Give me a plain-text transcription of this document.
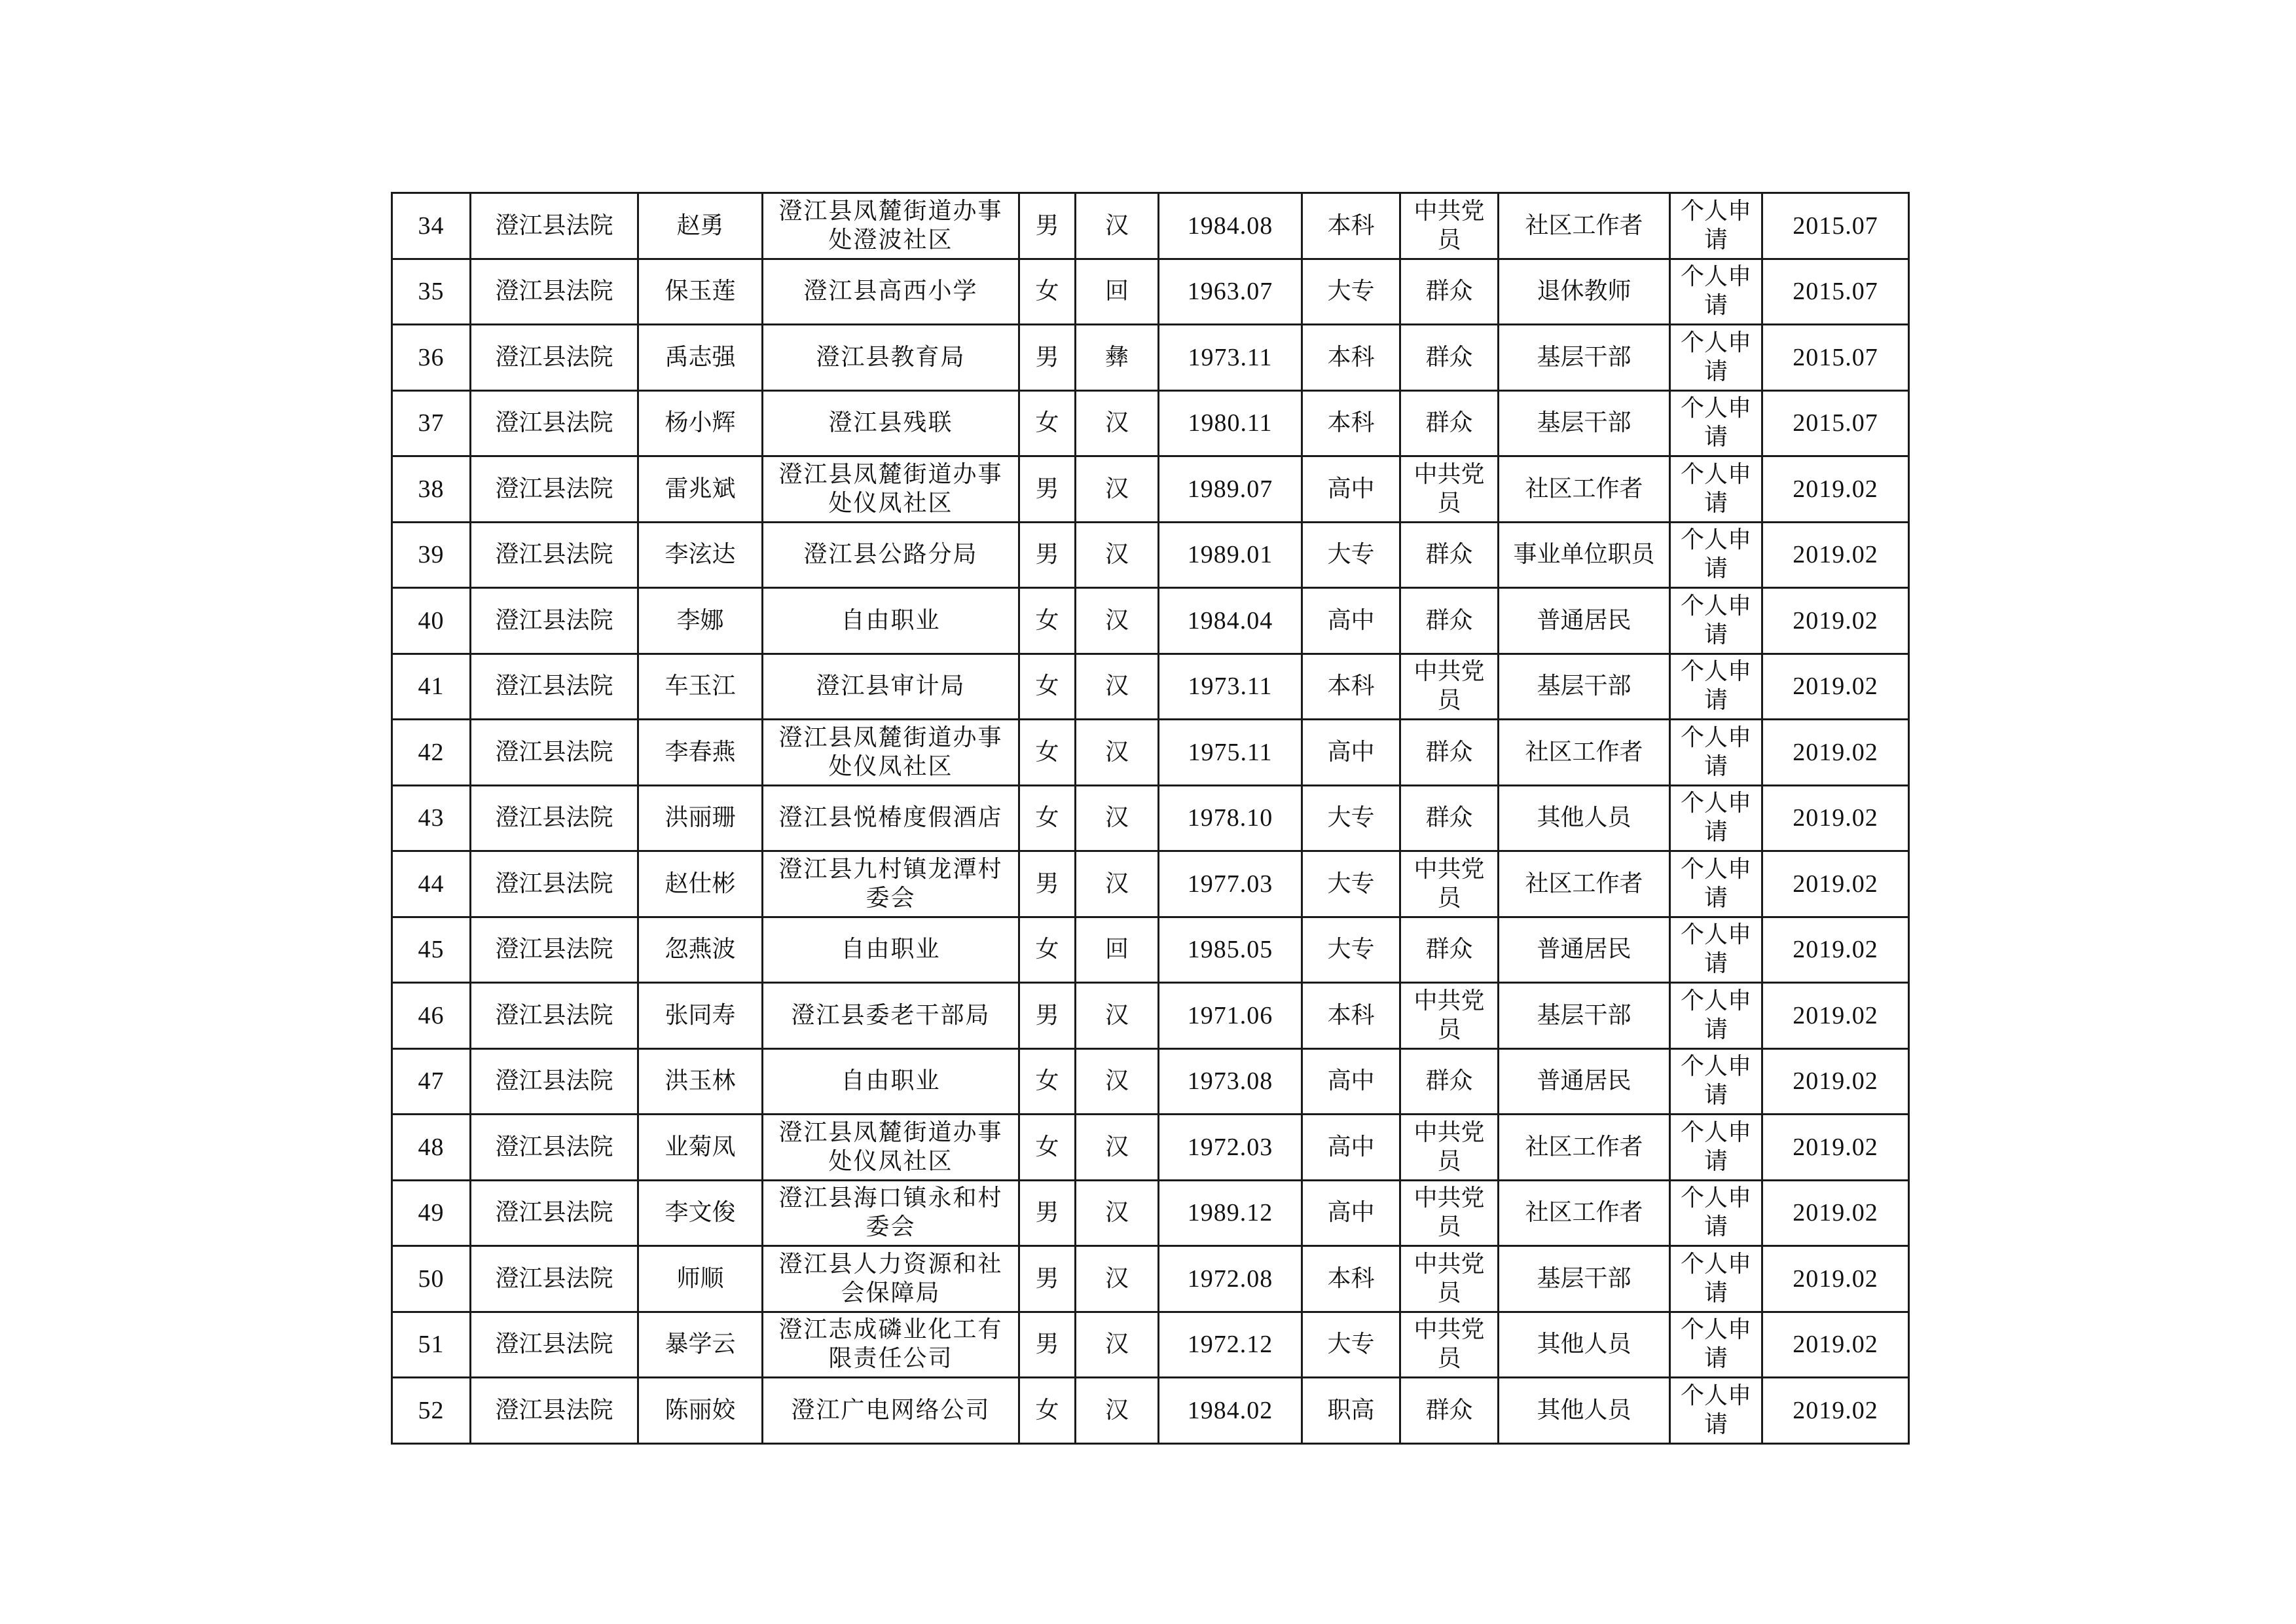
34	澄江县法院	赵勇	澄江县凤麓街道办事处澄波社区	男	汉	1984.08	本科	中共党员	社区工作者	个人申请	2015.07
35	澄江县法院	保玉莲	澄江县高西小学	女	回	1963.07	大专	群众	退休教师	个人申请	2015.07
36	澄江县法院	禹志强	澄江县教育局	男	彝	1973.11	本科	群众	基层干部	个人申请	2015.07
37	澄江县法院	杨小辉	澄江县残联	女	汉	1980.11	本科	群众	基层干部	个人申请	2015.07
38	澄江县法院	雷兆斌	澄江县凤麓街道办事处仪凤社区	男	汉	1989.07	高中	中共党员	社区工作者	个人申请	2019.02
39	澄江县法院	李泫达	澄江县公路分局	男	汉	1989.01	大专	群众	事业单位职员	个人申请	2019.02
40	澄江县法院	李娜	自由职业	女	汉	1984.04	高中	群众	普通居民	个人申请	2019.02
41	澄江县法院	车玉江	澄江县审计局	女	汉	1973.11	本科	中共党员	基层干部	个人申请	2019.02
42	澄江县法院	李春燕	澄江县凤麓街道办事处仪凤社区	女	汉	1975.11	高中	群众	社区工作者	个人申请	2019.02
43	澄江县法院	洪丽珊	澄江县悦椿度假酒店	女	汉	1978.10	大专	群众	其他人员	个人申请	2019.02
44	澄江县法院	赵仕彬	澄江县九村镇龙潭村委会	男	汉	1977.03	大专	中共党员	社区工作者	个人申请	2019.02
45	澄江县法院	忽燕波	自由职业	女	回	1985.05	大专	群众	普通居民	个人申请	2019.02
46	澄江县法院	张同寿	澄江县委老干部局	男	汉	1971.06	本科	中共党员	基层干部	个人申请	2019.02
47	澄江县法院	洪玉林	自由职业	女	汉	1973.08	高中	群众	普通居民	个人申请	2019.02
48	澄江县法院	业菊凤	澄江县凤麓街道办事处仪凤社区	女	汉	1972.03	高中	中共党员	社区工作者	个人申请	2019.02
49	澄江县法院	李文俊	澄江县海口镇永和村委会	男	汉	1989.12	高中	中共党员	社区工作者	个人申请	2019.02
50	澄江县法院	师顺	澄江县人力资源和社会保障局	男	汉	1972.08	本科	中共党员	基层干部	个人申请	2019.02
51	澄江县法院	暴学云	澄江志成磷业化工有限责任公司	男	汉	1972.12	大专	中共党员	其他人员	个人申请	2019.02
52	澄江县法院	陈丽姣	澄江广电网络公司	女	汉	1984.02	职高	群众	其他人员	个人申请	2019.02
